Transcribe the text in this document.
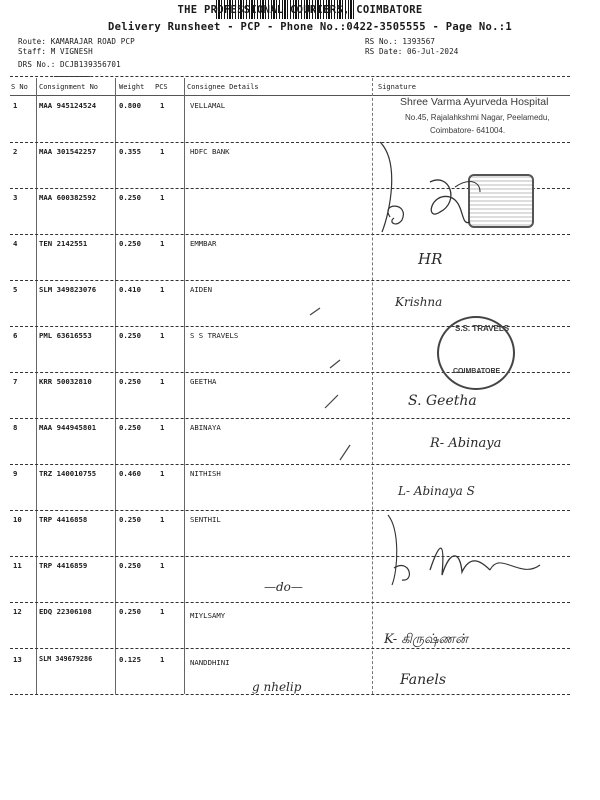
THE PROFESSIONAL COURIERS, COIMBATORE
Delivery Runsheet - PCP - Phone No.:0422-3505555 - Page No.:1
Route: KAMARAJAR ROAD PCP
Staff: M VIGNESH
DRS No.: DCJB139356701
RS No.: 1393567
RS Date: 06-Jul-2024
S No Consignment No	Weight PCS	Consignee Details	Signature
1	MAA 945124524	0.800	1	VELLAMAL
2	MAA 301542257	0.355	1	HDFC BANK
3	MAA 600382592	0.250	1
4	TEN 2142551	0.250	1	EMMBAR
5	SLM 349823076	0.410	1	AIDEN
6	PML 63616553	0.250	1	S S TRAVELS
7	KRR 50032810	0.250	1	GEETHA
8	MAA 944945801	0.250	1	ABINAYA
9	TRZ 140010755	0.460	1	NITHISH
10 TRP 4416858	0.250	1	SENTHIL
11 TRP 4416859	0.250	1
12 EDQ 22306108	0.250	1	MIYLSAMY
13	SLM 349679286	0.125	1	NANDDHINI
Shree Varma Ayurveda Hospital
No.45, Rajalahkshmi Nagar, Peelamedu,
Coimbatore- 641004.
S.S. TRAVELS
COIMBATORE
HR
Krishna
S. Geetha
R- Abinaya
L- Abinaya S
—do—
K- கிருஷ்ணன்
g nhelip	Fanels
